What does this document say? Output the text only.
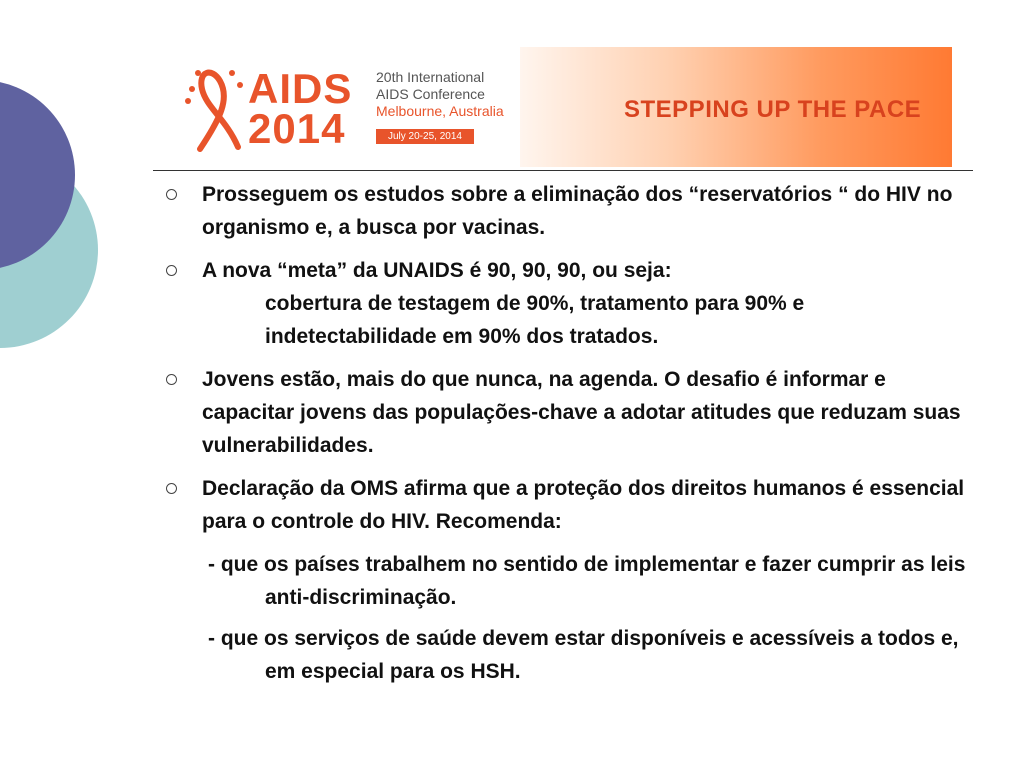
AIDS
2014
20th International
AIDS Conference
Melbourne, Australia
July 20-25, 2014
STEPPING UP THE PACE
Prosseguem os estudos sobre a eliminação dos “reservatórios “ do HIV no organismo e, a busca por vacinas.
A nova “meta” da UNAIDS é 90, 90, 90, ou seja:
cobertura de testagem de 90%, tratamento para 90% e indetectabilidade em 90% dos tratados.
Jovens estão, mais do que nunca, na agenda. O desafio é informar e capacitar jovens das populações-chave a adotar atitudes que reduzam suas vulnerabilidades.
Declaração da OMS afirma que a proteção dos direitos humanos é essencial para o controle do HIV. Recomenda:
- que os países trabalhem no sentido de implementar e fazer cumprir as leis anti-discriminação.
- que os serviços de saúde devem estar disponíveis e acessíveis a todos e, em especial para os HSH.
